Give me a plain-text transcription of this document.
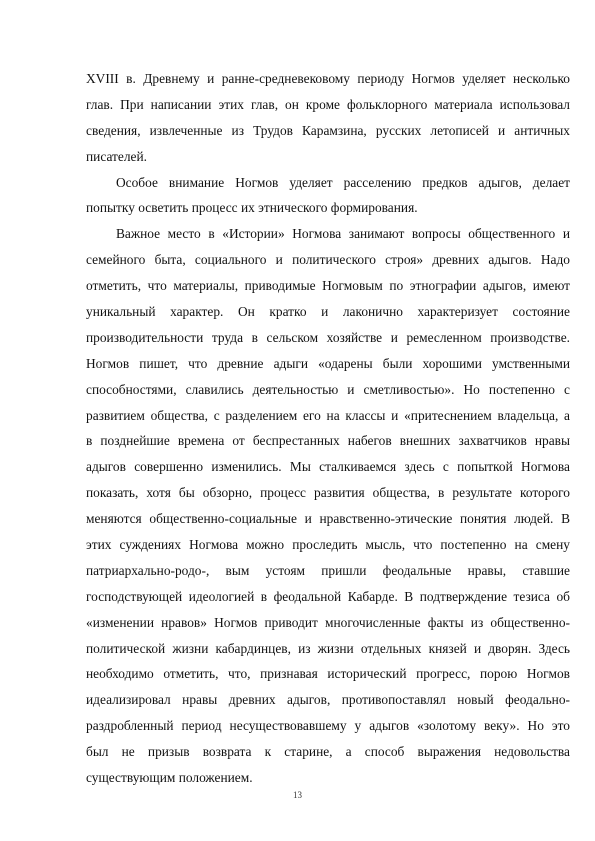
XVIII в. Древнему и ранне-средневековому периоду Ногмов уделяет несколько
глав. При написании этих глав, он кроме фольклорного материала использовал
сведения, извлеченные из Трудов Карамзина, русских летописей и античных
писателей.
Особое внимание Ногмов уделяет расселению предков адыгов, делает
попытку осветить процесс их этнического формирования.
Важное место в «Истории» Ногмова занимают вопросы общественного и
семейного быта, социального и политического строя» древних адыгов. Надо
отметить, что материалы, приводимые Ногмовым по этнографии адыгов, имеют
уникальный характер. Он кратко и лаконично характеризует состояние
производительности труда в сельском хозяйстве и ремесленном производстве.
Ногмов пишет, что древние адыги «одарены были хорошими умственными
способностями, славились деятельностью и сметливостью». Но постепенно с
развитием общества, с разделением его на классы и «притеснением владельца, а
в позднейшие времена от беспрестанных набегов внешних захватчиков нравы
адыгов совершенно изменились. Мы сталкиваемся здесь с попыткой Ногмова
показать, хотя бы обзорно, процесс развития общества, в результате которого
меняются общественно-социальные и нравственно-этические понятия людей. В
этих суждениях Ногмова можно проследить мысль, что постепенно на смену
патриархально-родо-, вым устоям пришли феодальные нравы, ставшие
господствующей идеологией в феодальной Кабарде. В подтверждение тезиса об
«изменении нравов» Ногмов приводит многочисленные факты из общественно-
политической жизни кабардинцев, из жизни отдельных князей и дворян. Здесь
необходимо отметить, что, признавая исторический прогресс, порою Ногмов
идеализировал нравы древних адыгов, противопоставлял новый феодально-
раздробленный период несуществовавшему у адыгов «золотому веку». Но это
был не призыв возврата к старине, а способ выражения недовольства
существующим положением.
13
